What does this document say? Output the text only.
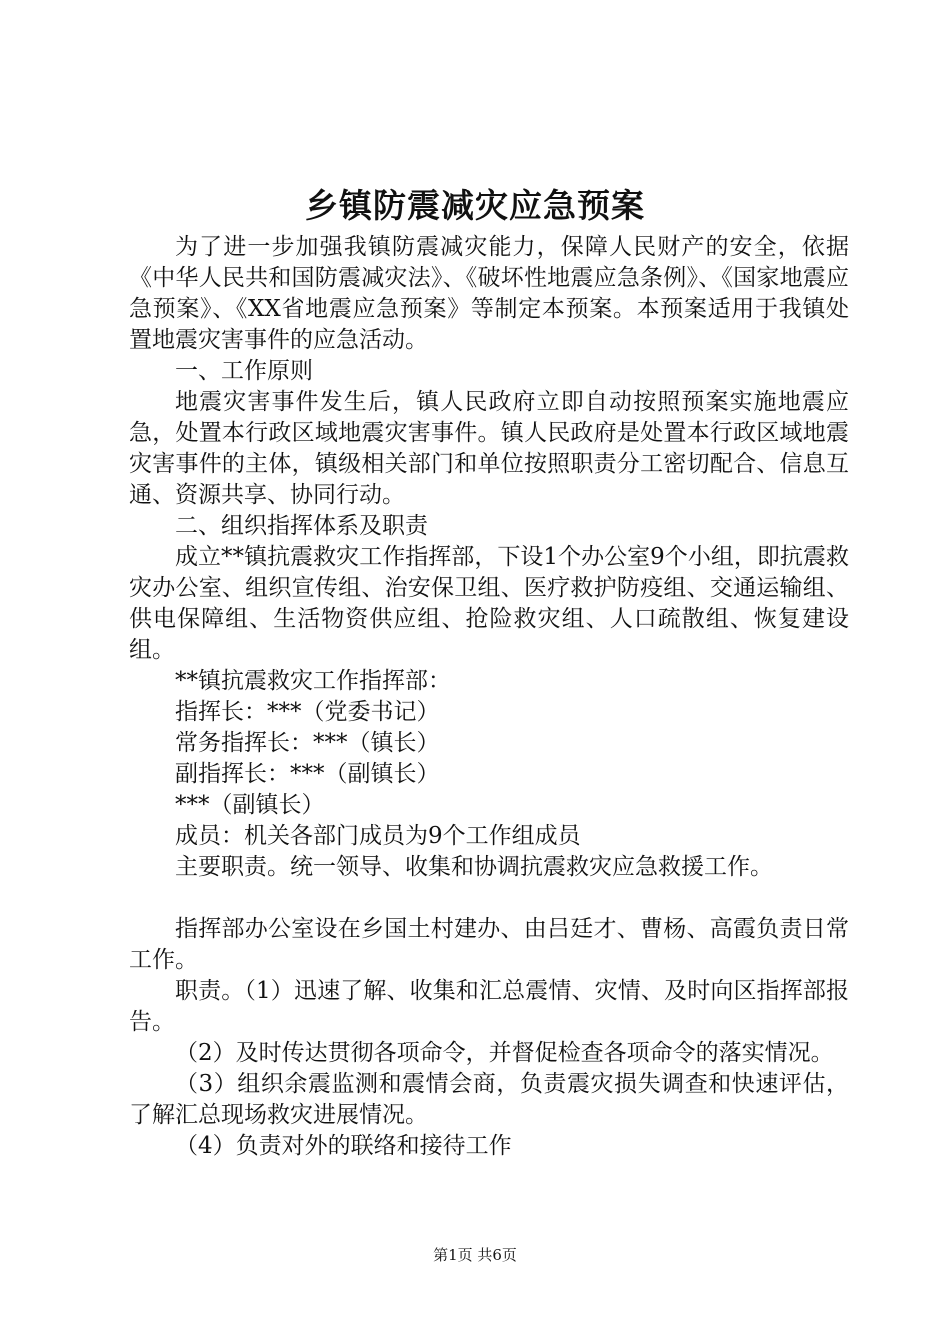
乡镇防震减灾应急预案

为了进一步加强我镇防震减灾能力，保障人民财产的安全，依据《中华人民共和国防震减灾法》、《破坏性地震应急条例》、《国家地震应急预案》、《XX省地震应急预案》等制定本预案。本预案适用于我镇处置地震灾害事件的应急活动。

一、工作原则

地震灾害事件发生后，镇人民政府立即自动按照预案实施地震应急，处置本行政区域地震灾害事件。镇人民政府是处置本行政区域地震灾害事件的主体，镇级相关部门和单位按照职责分工密切配合、信息互通、资源共享、协同行动。

二、组织指挥体系及职责

成立**镇抗震救灾工作指挥部，下设1个办公室9个小组，即抗震救灾办公室、组织宣传组、治安保卫组、医疗救护防疫组、交通运输组、供电保障组、生活物资供应组、抢险救灾组、人口疏散组、恢复建设组。

**镇抗震救灾工作指挥部：

指挥长：***（党委书记）

常务指挥长：***（镇长）

副指挥长：***（副镇长）

***（副镇长）

成员：机关各部门成员为9个工作组成员

主要职责。统一领导、收集和协调抗震救灾应急救援工作。

指挥部办公室设在乡国土村建办、由吕廷才、曹杨、高霞负责日常工作。

职责。（1）迅速了解、收集和汇总震情、灾情、及时向区指挥部报告。

（2）及时传达贯彻各项命令，并督促检查各项命令的落实情况。

（3）组织余震监测和震情会商，负责震灾损失调查和快速评估，了解汇总现场救灾进展情况。

（4）负责对外的联络和接待工作

第1页 共6页
